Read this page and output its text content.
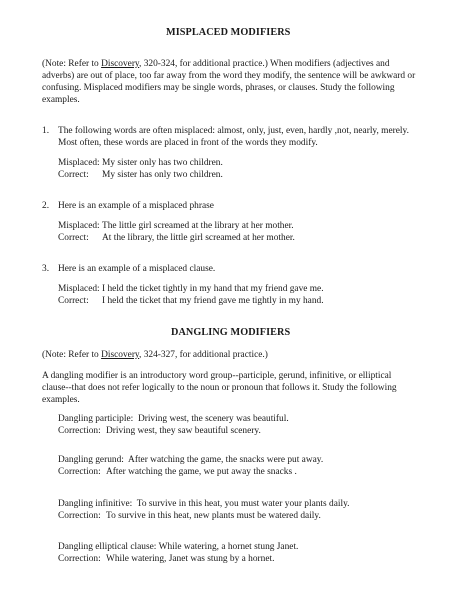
MISPLACED MODIFIERS
(Note: Refer to Discovery, 320-324, for additional practice.) When modifiers (adjectives and
adverbs) are out of place, too far away from the word they modify, the sentence will be awkward or
confusing. Misplaced modifiers may be single words, phrases, or clauses. Study the following
examples.
1. The following words are often misplaced: almost, only, just, even, hardly ,not, nearly, merely.
Most often, these words are placed in front of the words they modify.
Misplaced: My sister only has two children.
Correct: My sister has only two children.
2. Here is an example of a misplaced phrase
Misplaced: The little girl screamed at the library at her mother.
Correct: At the library, the little girl screamed at her mother.
3. Here is an example of a misplaced clause.
Misplaced: I held the ticket tightly in my hand that my friend gave me.
Correct: I held the ticket that my friend gave me tightly in my hand.
DANGLING MODIFIERS
(Note: Refer to Discovery, 324-327, for additional practice.)
A dangling modifier is an introductory word group--participle, gerund, infinitive, or elliptical
clause--that does not refer logically to the noun or pronoun that follows it. Study the following
examples.
Dangling participle: Driving west, the scenery was beautiful.
Correction: Driving west, they saw beautiful scenery.
Dangling gerund: After watching the game, the snacks were put away.
Correction: After watching the game, we put away the snacks .
Dangling infinitive: To survive in this heat, you must water your plants daily.
Correction: To survive in this heat, new plants must be watered daily.
Dangling elliptical clause: While watering, a hornet stung Janet.
Correction: While watering, Janet was stung by a hornet.
